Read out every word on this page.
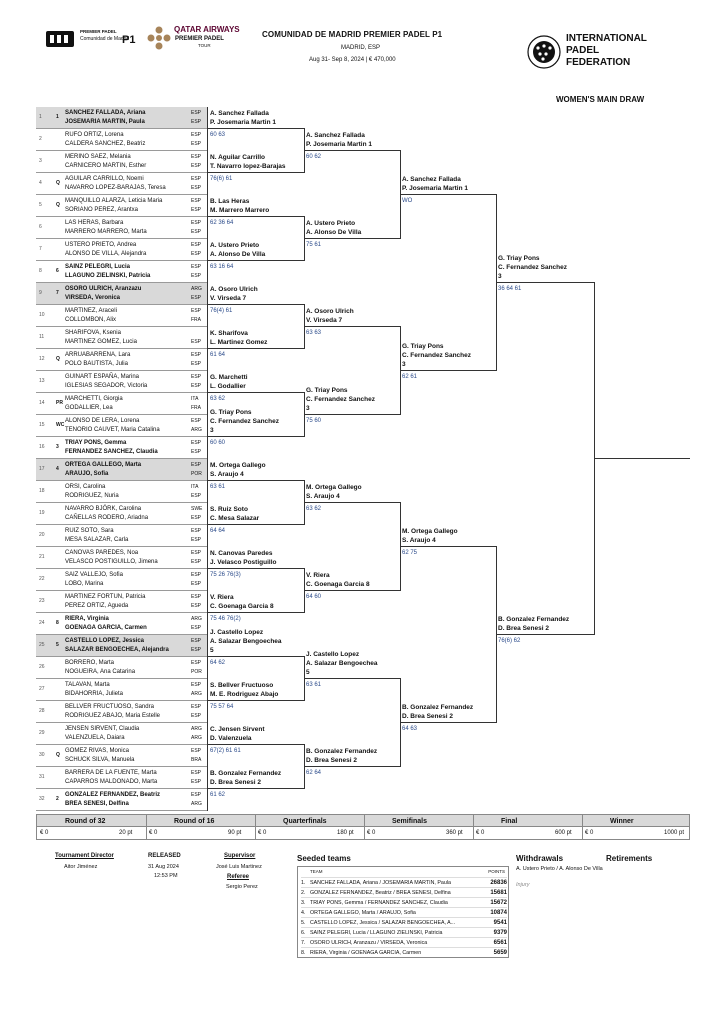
PREMIER PADEL
Comunidad de Madrid
P1
QATAR AIRWAYS
PREMIER PADEL
TOUR
COMUNIDAD DE MADRID PREMIER PADEL P1
MADRID, ESP
Aug 31- Sep 8, 2024 | € 470,000
INTERNATIONAL
PADEL
FEDERATION
WOMEN'S MAIN DRAW
1	1
SANCHEZ FALLADA, Ariana
JOSEMARIA MARTIN, Paula
ESP
ESP
2
RUFO ORTIZ, Lorena
CALDERA SANCHEZ, Beatriz
ESP
ESP
3
MERINO SAEZ, Melania
CARNICERO MARTIN, Esther
ESP
ESP
4	Q
AGUILAR CARRILLO, Noemi
NAVARRO LOPEZ-BARAJAS, Teresa
ESP
ESP
5	Q
MANQUILLO ALARZA, Leticia Maria
SORIANO PEREZ, Arantxa
ESP
ESP
6
LAS HERAS, Barbara
MARRERO MARRERO, Marta
ESP
ESP
7
USTERO PRIETO, Andrea
ALONSO DE VILLA, Alejandra
ESP
ESP
8	6
SAINZ PELEGRI, Lucia
LLAGUNO ZIELINSKI, Patricia
ESP
ESP
9	7
OSORO ULRICH, Aranzazu
VIRSEDA, Veronica
ARG
ESP
10
MARTINEZ, Araceli
COLLOMBON, Alix
ESP
FRA
11
SHARIFOVA, Ksenia
MARTINEZ GOMEZ, Lucia	ESP
12 Q
ARRUABARRENA, Lara
POLO BAUTISTA, Julia
ESP
ESP
13
GUINART ESPAÑA, Marina
IGLESIAS SEGADOR, Victoria
ESP
ESP
14 PR
MARCHETTI, Giorgia
GODALLIER, Lea
ITA
FRA
15 WC
ALONSO DE LERA, Lorena
TENORIO CAUVET, Maria Catalina
ESP
ARG
16 3
TRIAY PONS, Gemma
FERNANDEZ SANCHEZ, Claudia
ESP
ESP
17 4
ORTEGA GALLEGO, Marta
ARAUJO, Sofia
ESP
POR
18
ORSI, Carolina
RODRIGUEZ, Nuria
ITA
ESP
19
NAVARRO BJÖRK, Carolina
CAÑELLAS RODERO, Ariadna
SWE
ESP
20
RUIZ SOTO, Sara
MESA SALAZAR, Carla
ESP
ESP
21
CANOVAS PAREDES, Noa
VELASCO POSTIGUILLO, Jimena
ESP
ESP
22
SAIZ VALLEJO, Sofia
LOBO, Marina
ESP
ESP
23
MARTINEZ FORTUN, Patricia
PEREZ ORTIZ, Agueda
ESP
ESP
24 8
RIERA, Virginia
GOENAGA GARCIA, Carmen
ARG
ESP
25 5
CASTELLO LOPEZ, Jessica
SALAZAR BENGOECHEA, Alejandra
ESP
ESP
26
BORRERO, Marta
NOGUEIRA, Ana Catarina
ESP
POR
27
TALAVAN, Marta
BIDAHORRIA, Julieta
ESP
ARG
28
BELLVER FRUCTUOSO, Sandra
RODRIGUEZ ABAJO, Maria Estelle
ESP
ESP
29
JENSEN SIRVENT, Claudia
VALENZUELA, Daiara
ARG
ARG
30 Q
GOMEZ RIVAS, Monica
SCHUCK SILVA, Manuela
ESP
BRA
31
BARRERA DE LA FUENTE, Marta
CAPARROS MALDONADO, Marta
ESP
ESP
32 2
GONZALEZ FERNANDEZ, Beatriz
BREA SENESI, Delfina
ESP
ARG
A. Sanchez Fallada
P. Josemaria Martin 1
60 63
N. Aguilar Carrillo
T. Navarro lopez-Barajas
76(6) 61
B. Las Heras
M. Marrero Marrero
62 36 64
A. Ustero Prieto
A. Alonso De Villa
63 16 64
A. Osoro Ulrich
V. Virseda 7
76(4) 61
K. Sharifova
L. Martinez Gomez
61 64
G. Marchetti
L. Godallier
63 62
G. Triay Pons
C. Fernandez Sanchez
3
60 60
M. Ortega Gallego
S. Araujo 4
63 61
S. Ruiz Soto
C. Mesa Salazar
64 64
N. Canovas Paredes
J. Velasco Postiguillo
75 26 76(3)
V. Riera
C. Goenaga Garcia 8
75 46 76(2)
J. Castello Lopez
A. Salazar Bengoechea
5
64 62
S. Bellver Fructuoso
M. E. Rodriguez Abajo
75 57 64
C. Jensen Sirvent
D. Valenzuela
67(2) 61 61
B. Gonzalez Fernandez
D. Brea Senesi 2
61 62
A. Sanchez Fallada
P. Josemaria Martin 1
60 62
A. Ustero Prieto
A. Alonso De Villa
75 61
A. Osoro Ulrich
V. Virseda 7
63 63
G. Triay Pons
C. Fernandez Sanchez
3
75 60
M. Ortega Gallego
S. Araujo 4
63 62
V. Riera
C. Goenaga Garcia 8
64 60
J. Castello Lopez
A. Salazar Bengoechea
5
63 61
B. Gonzalez Fernandez
D. Brea Senesi 2
62 64
A. Sanchez Fallada
P. Josemaria Martin 1
WO
G. Triay Pons
C. Fernandez Sanchez
3
62 61
M. Ortega Gallego
S. Araujo 4
62 75
B. Gonzalez Fernandez
D. Brea Senesi 2
64 63
G. Triay Pons
C. Fernandez Sanchez
3
36 64 61
B. Gonzalez Fernandez
D. Brea Senesi 2
76(6) 62
Round of 32	Round of 16	Quarterfinals	Semifinals	Final	Winner
€ 0	20 pt	€ 0	90 pt	€ 0	180 pt € 0	360 pt € 0	600 pt € 0	1000 pt
Tournament Director
Aitor Jiménez
RELEASED
31 Aug 2024
12:53 PM
Supervisor
José Luis Martinez
Referee
Sergio Perez
Seeded teams
TEAM	POINTS
1. SANCHEZ FALLADA, Ariana / JOSEMARIA MARTIN, Paula	26836
2. GONZALEZ FERNANDEZ, Beatriz / BREA SENESI, Delfina	15681
3. TRIAY PONS, Gemma / FERNANDEZ SANCHEZ, Claudia	15672
4. ORTEGA GALLEGO, Marta / ARAUJO, Sofia	10874
5. CASTELLO LOPEZ, Jessica / SALAZAR BENGOECHEA, A...	9541
6. SAINZ PELEGRI, Lucia / LLAGUNO ZIELINSKI, Patricia	9379
7. OSORO ULRICH, Aranzazu / VIRSEDA, Veronica	6561
8. RIERA, Virginia / GOENAGA GARCIA, Carmen	5659
Withdrawals
A. Ustero Prieto / A. Alonso De Villa
Injury
Retirements
